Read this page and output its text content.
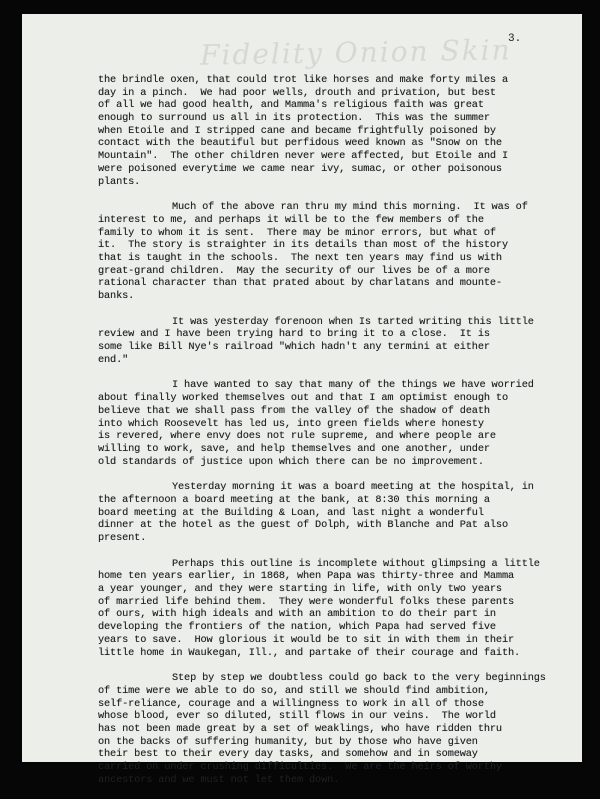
Fidelity Onion Skin
3.
the brindle oxen, that could trot like horses and make forty miles a
day in a pinch.  We had poor wells, drouth and privation, but best
of all we had good health, and Mamma's religious faith was great
enough to surround us all in its protection.  This was the summer
when Etoile and I stripped cane and became frightfully poisoned by
contact with the beautiful but perfidous weed known as "Snow on the
Mountain".  The other children never were affected, but Etoile and I
were poisoned everytime we came near ivy, sumac, or other poisonous
plants.
Much of the above ran thru my mind this morning.  It was of
interest to me, and perhaps it will be to the few members of the
family to whom it is sent.  There may be minor errors, but what of
it.  The story is straighter in its details than most of the history
that is taught in the schools.  The next ten years may find us with
great-grand children.  May the security of our lives be of a more
rational character than that prated about by charlatans and mounte-
banks.
It was yesterday forenoon when Is tarted writing this little
review and I have been trying hard to bring it to a close.  It is
some like Bill Nye's railroad "which hadn't any termini at either
end."
I have wanted to say that many of the things we have worried
about finally worked themselves out and that I am optimist enough to
believe that we shall pass from the valley of the shadow of death
into which Roosevelt has led us, into green fields where honesty
is revered, where envy does not rule supreme, and where people are
willing to work, save, and help themselves and one another, under
old standards of justice upon which there can be no improvement.
Yesterday morning it was a board meeting at the hospital, in
the afternoon a board meeting at the bank, at 8:30 this morning a
board meeting at the Building & Loan, and last night a wonderful
dinner at the hotel as the guest of Dolph, with Blanche and Pat also
present.
Perhaps this outline is incomplete without glimpsing a little
home ten years earlier, in 1868, when Papa was thirty-three and Mamma
a year younger, and they were starting in life, with only two years
of married life behind them.  They were wonderful folks these parents
of ours, with high ideals and with an ambition to do their part in
developing the frontiers of the nation, which Papa had served five
years to save.  How glorious it would be to sit in with them in their
little home in Waukegan, Ill., and partake of their courage and faith.
Step by step we doubtless could go back to the very beginnings
of time were we able to do so, and still we should find ambition,
self-reliance, courage and a willingness to work in all of those
whose blood, ever so diluted, still flows in our veins.  The world
has not been made great by a set of weaklings, who have ridden thru
on the backs of suffering humanity, but by those who have given
their best to their every day tasks, and somehow and in someway
carried on under crushing difficulties.  We are the heirs of worthy
ancestors and we must not let them down.
